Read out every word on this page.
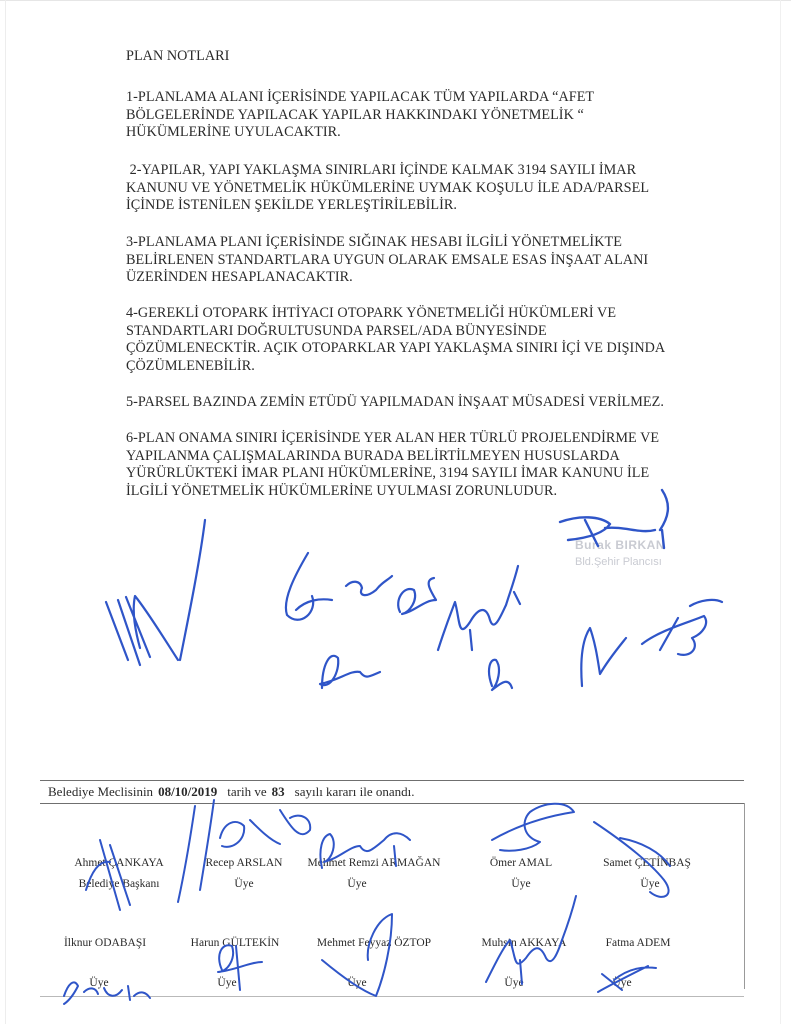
PLAN NOTLARI
1-PLANLAMA ALANI İÇERİSİNDE YAPILACAK TÜM YAPILARDA “AFET
BÖLGELERİNDE YAPILACAK YAPILAR HAKKINDAKI YÖNETMELİK “
HÜKÜMLERİNE UYULACAKTIR.
2-YAPILAR, YAPI YAKLAŞMA SINIRLARI İÇİNDE KALMAK 3194 SAYILI İMAR
KANUNU VE YÖNETMELİK HÜKÜMLERİNE UYMAK KOŞULU İLE ADA/PARSEL
İÇİNDE İSTENİLEN ŞEKİLDE YERLEŞTİRİLEBİLİR.
3-PLANLAMA PLANI İÇERİSİNDE SIĞINAK HESABI İLGİLİ YÖNETMELİKTE
BELİRLENEN STANDARTLARA UYGUN OLARAK EMSALE ESAS İNŞAAT ALANI
ÜZERİNDEN HESAPLANACAKTIR.
4-GEREKLİ OTOPARK İHTİYACI OTOPARK YÖNETMELİĞİ HÜKÜMLERİ VE
STANDARTLARI DOĞRULTUSUNDA PARSEL/ADA BÜNYESİNDE
ÇÖZÜMLENECKTİR. AÇIK OTOPARKLAR YAPI YAKLAŞMA SINIRI İÇİ VE DIŞINDA
ÇÖZÜMLENEBİLİR.
5-PARSEL BAZINDA ZEMİN ETÜDÜ YAPILMADAN İNŞAAT MÜSADESİ VERİLMEZ.
6-PLAN ONAMA SINIRI İÇERİSİNDE YER ALAN HER TÜRLÜ PROJELENDİRME VE
YAPILANMA ÇALIŞMALARINDA BURADA BELİRTİLMEYEN HUSUSLARDA
YÜRÜRLÜKTEKİ İMAR PLANI HÜKÜMLERİNE, 3194 SAYILI İMAR KANUNU İLE
İLGİLİ YÖNETMELİK HÜKÜMLERİNE UYULMASI ZORUNLUDUR.
Burak BIRKAN
Bld.Şehir Plancısı
Belediye Meclisinin 08/10/2019 tarih ve 83 sayılı kararı ile onandı.
Ahmet ÇANKAYA
Belediye Başkanı
Recep ARSLAN
Üye
Mehmet Remzi ARMAĞAN
Üye
Ömer AMAL
Üye
Samet ÇETİNBAŞ
Üye
İlknur ODABAŞI
Üye
Harun GÜLTEKİN
Üye
Mehmet Feyyaz ÖZTOP
Üye
Muhsin AKKAYA
Üye
Fatma ADEM
Üye
